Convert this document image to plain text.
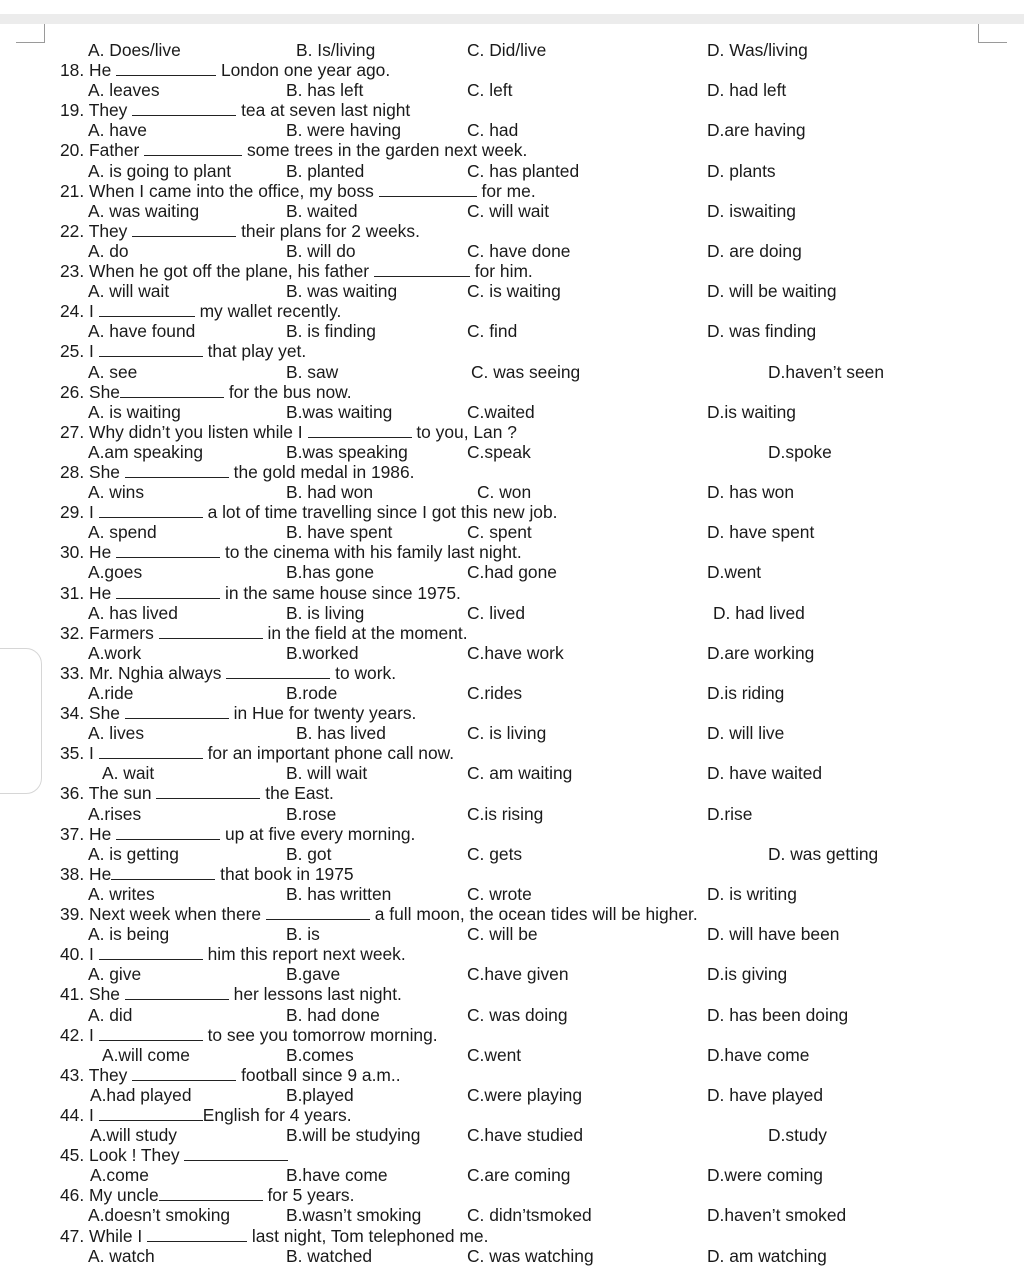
A. Does/live	B. Is/living	C. Did/live	D. Was/living
18. He	London one year ago.
A. leaves	B. has left	C. left	D. had left
19. They	tea at seven last night
A. have	B. were having	C. had	D.are having
20. Father	some trees in the garden next week.
A. is going to plant	B. planted	C. has planted	D. plants
21. When I came into the office, my boss	for me.
A. was waiting	B. waited	C. will wait	D. iswaiting
22. They	their plans for 2 weeks.
A. do	B. will do	C. have done	D. are doing
23. When he got off the plane, his father	for him.
A. will wait	B. was waiting	C. is waiting	D. will be waiting
24. I	my wallet recently.
A. have found	B. is finding	C. find	D. was finding
25. I	that play yet.
A. see	B. saw	C. was seeing	D.haven’t seen
26. She	for the bus now.
A. is waiting	B.was waiting	C.waited	D.is waiting
27. Why didn’t you listen while I	to you, Lan ?
A.am speaking	B.was speaking	C.speak	D.spoke
28. She	the gold medal in 1986.
A. wins	B. had won	C. won	D. has won
29. I	a lot of time travelling since I got this new job.
A. spend	B. have spent	C. spent	D. have spent
30. He	to the cinema with his family last night.
A.goes	B.has gone	C.had gone	D.went
31. He	in the same house since 1975.
A. has lived	B. is living	C. lived	D. had lived
32. Farmers	in the field at the moment.
A.work	B.worked	C.have work	D.are working
33. Mr. Nghia always	to work.
A.ride	B.rode	C.rides	D.is riding
34. She	in Hue for twenty years.
A. lives	B. has lived	C. is living	D. will live
35. I	for an important phone call now.
A. wait	B. will wait	C. am waiting	D. have waited
36. The sun	the East.
A.rises	B.rose	C.is rising	D.rise
37. He	up at five every morning.
A. is getting	B. got	C. gets	D. was getting
38. He	that book in 1975
A. writes	B. has written	C. wrote	D. is writing
39. Next week when there	a full moon, the ocean tides will be higher.
A. is being	B. is	C. will be	D. will have been
40. I	him this report next week.
A. give	B.gave	C.have given	D.is giving
41. She	her lessons last night.
A. did	B. had done	C. was doing	D. has been doing
42. I	to see you tomorrow morning.
A.will come	B.comes	C.went	D.have come
43. They	football since 9 a.m..
A.had played	B.played	C.were playing	D. have played
44. I	English for 4 years.
A.will study	B.will be studying	C.have studied	D.study
45. Look ! They
A.come	B.have come	C.are coming	D.were coming
46. My uncle	for 5 years.
A.doesn’t smoking	B.wasn’t smoking	C. didn’tsmoked	D.haven’t smoked
47. While I	last night, Tom telephoned me.
A. watch	B. watched	C. was watching	D. am watching
